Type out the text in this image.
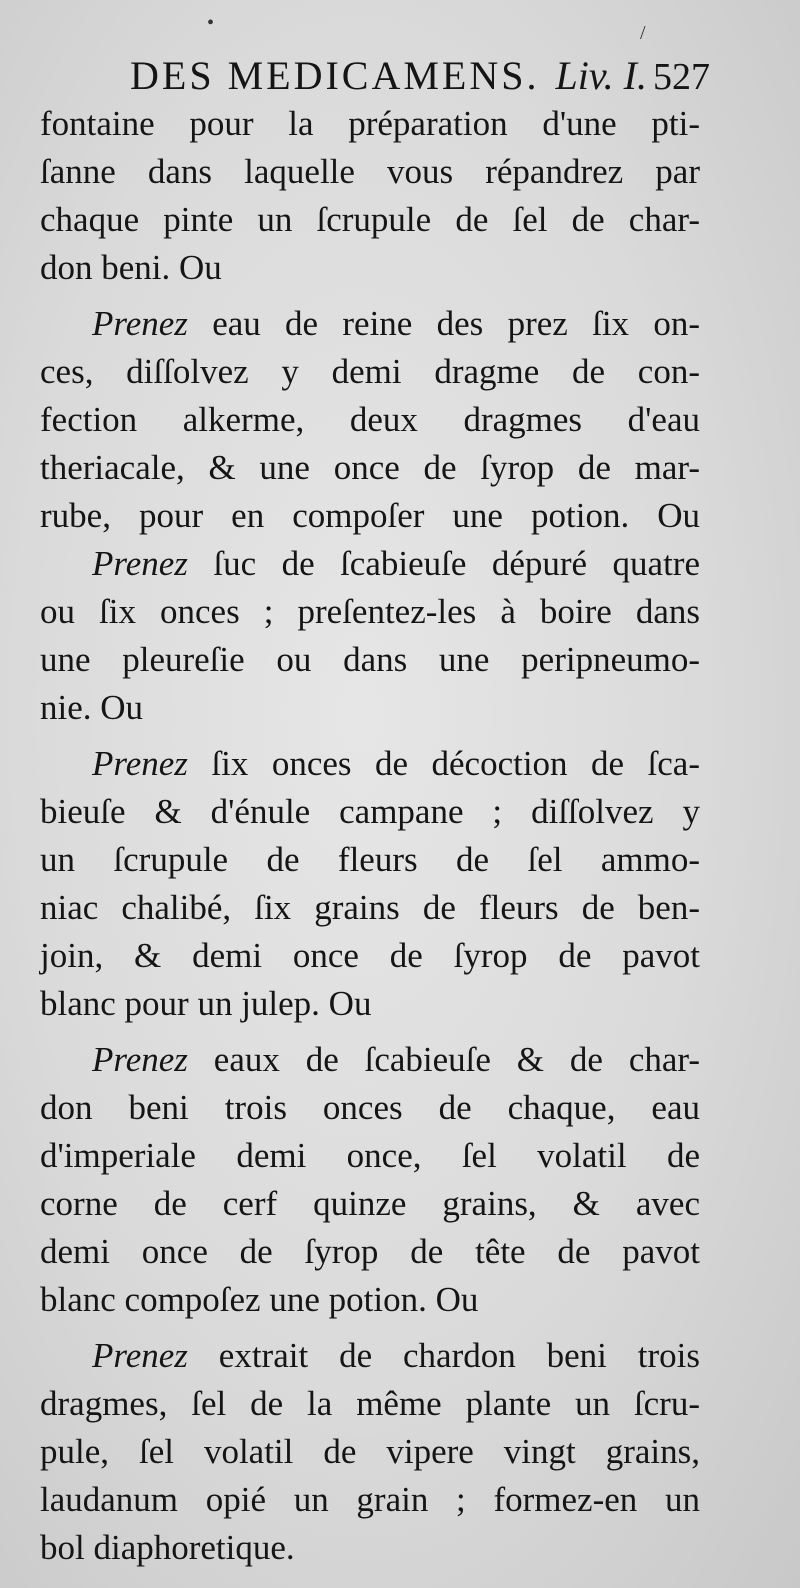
DES MEDICAMENS. Liv. I. 527
fontaine pour la préparation d'une pti-
ſanne dans laquelle vous répandrez par
chaque pinte un ſcrupule de ſel de char-
don beni. Ou
Prenez eau de reine des prez ſix on-
ces, diſſolvez y demi dragme de con-
fection alkerme, deux dragmes d'eau
theriacale, & une once de ſyrop de mar-
rube, pour en compoſer une potion. Ou
Prenez ſuc de ſcabieuſe dépuré quatre
ou ſix onces ; preſentez-les à boire dans
une pleureſie ou dans une peripneumo-
nie. Ou
Prenez ſix onces de décoction de ſca-
bieuſe & d'énule campane ; diſſolvez y
un ſcrupule de fleurs de ſel ammo-
niac chalibé, ſix grains de fleurs de ben-
join, & demi once de ſyrop de pavot
blanc pour un julep. Ou
Prenez eaux de ſcabieuſe & de char-
don beni trois onces de chaque, eau
d'imperiale demi once, ſel volatil de
corne de cerf quinze grains, & avec
demi once de ſyrop de tête de pavot
blanc compoſez une potion. Ou
Prenez extrait de chardon beni trois
dragmes, ſel de la même plante un ſcru-
pule, ſel volatil de vipere vingt grains,
laudanum opié un grain ; formez-en un
bol diaphoretique.
•	/
